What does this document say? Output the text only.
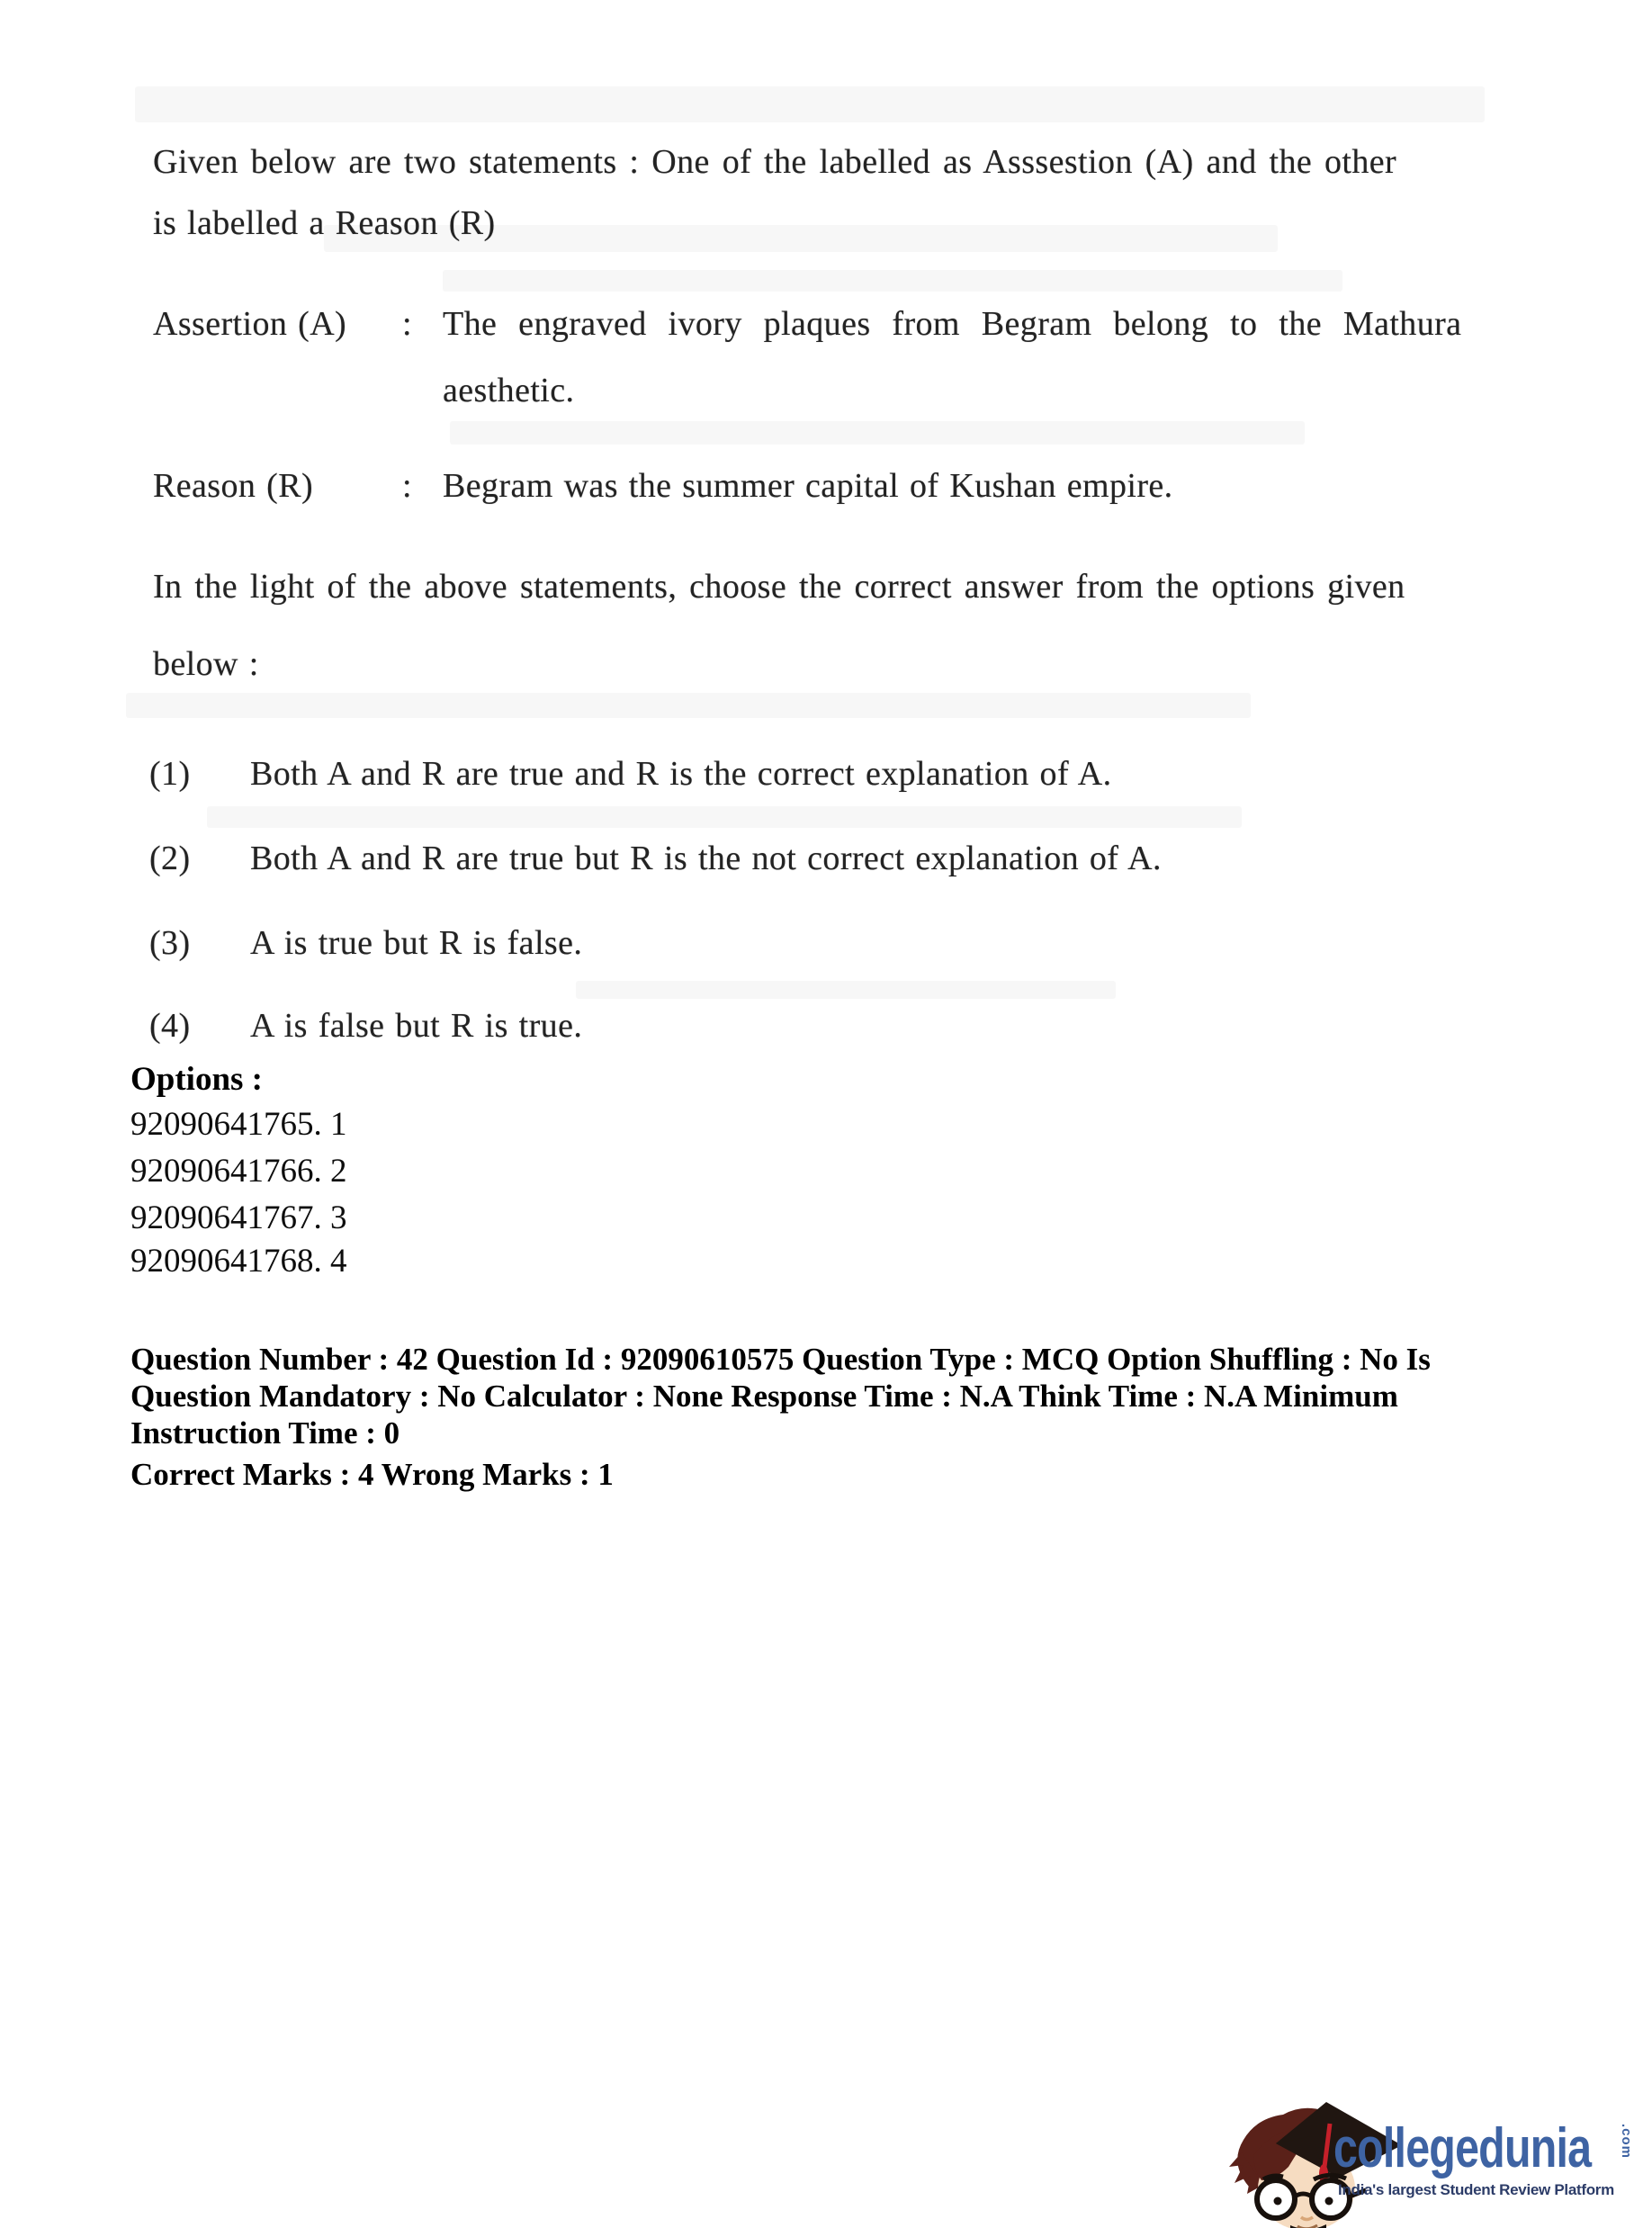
Given below are two statements : One of the labelled as Asssestion (A) and the other
is labelled a Reason (R)
Assertion (A) : The engraved ivory plaques from Begram belong to the Mathura
aesthetic.
Reason (R)	: Begram was the summer capital of Kushan empire.
In the light of the above statements, choose the correct answer from the options given
below :
(1) Both A and R are true and R is the correct explanation of A.
(2) Both A and R are true but R is the not correct explanation of A.
(3) A is true but R is false.
(4) A is false but R is true.
Options :
92090641765. 1
92090641766. 2
92090641767. 3
92090641768. 4
Question Number : 42 Question Id : 92090610575 Question Type : MCQ Option Shuffling : No Is
Question Mandatory : No Calculator : None Response Time : N.A Think Time : N.A Minimum
Instruction Time : 0
Correct Marks : 4 Wrong Marks : 1
collegedunia .com
India's largest Student Review Platform
